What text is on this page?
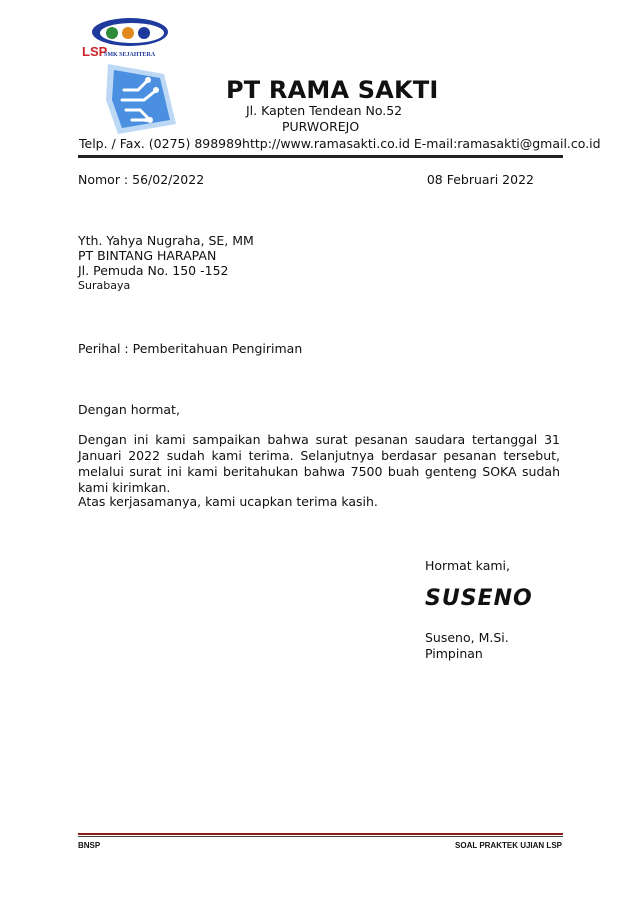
LSP
SMK SEJAHTERA
PT RAMA SAKTI
Jl. Kapten Tendean No.52
PURWOREJO
Telp. / Fax. (0275) 898989http://www.ramasakti.co.id E-mail:ramasakti@gmail.co.id
Nomor : 56/02/2022	08 Februari 2022
Yth. Yahya Nugraha, SE, MM
PT BINTANG HARAPAN
Jl. Pemuda No. 150 -152
Surabaya
Perihal : Pemberitahuan Pengiriman
Dengan hormat,
Dengan ini kami sampaikan bahwa surat pesanan saudara tertanggal 31 Januari 2022 sudah kami terima. Selanjutnya berdasar pesanan tersebut, melalui surat ini kami beritahukan bahwa 7500 buah genteng SOKA sudah kami kirimkan.
Atas kerjasamanya, kami ucapkan terima kasih.
Hormat kami,
SUSENO
Suseno, M.Si.
Pimpinan
BNSP	SOAL PRAKTEK UJIAN LSP
